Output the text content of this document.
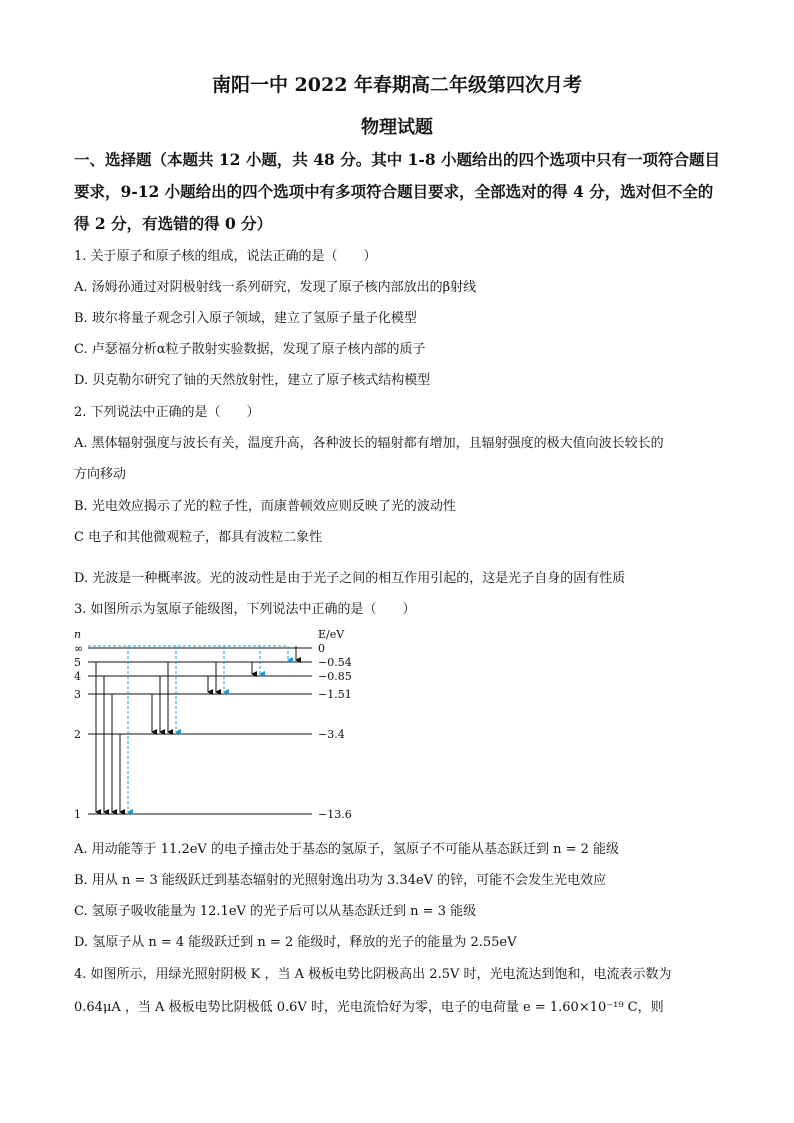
南阳一中 2022 年春期高二年级第四次月考
物理试题
一、选择题（本题共 12 小题，共 48 分。其中 1-8 小题给出的四个选项中只有一项符合题目要求，9-12 小题给出的四个选项中有多项符合题目要求，全部选对的得 4 分，选对但不全的得 2 分，有选错的得 0 分）
1. 关于原子和原子核的组成，说法正确的是（　　）
A. 汤姆孙通过对阴极射线一系列研究，发现了原子核内部放出的β射线
B. 玻尔将量子观念引入原子领域，建立了氢原子量子化模型
C. 卢瑟福分析α粒子散射实验数据，发现了原子核内部的质子
D. 贝克勒尔研究了铀的天然放射性，建立了原子核式结构模型
2. 下列说法中正确的是（　　）
A. 黑体辐射强度与波长有关，温度升高，各种波长的辐射都有增加，且辐射强度的极大值向波长较长的
方向移动
B. 光电效应揭示了光的粒子性，而康普顿效应则反映了光的波动性
C 电子和其他微观粒子，都具有波粒二象性
D. 光波是一种概率波。光的波动性是由于光子之间的相互作用引起的，这是光子自身的固有性质
3. 如图所示为氢原子能级图，下列说法中正确的是（　　）
n	E/eV
∞	0
5	−0.54
4	−0.85
3	−1.51
2	−3.4
1	−13.6
A. 用动能等于 11.2eV 的电子撞击处于基态的氢原子，氢原子不可能从基态跃迁到 n = 2 能级
B. 用从 n = 3 能级跃迁到基态辐射的光照射逸出功为 3.34eV 的锌，可能不会发生光电效应
C. 氢原子吸收能量为 12.1eV 的光子后可以从基态跃迁到 n = 3 能级
D. 氢原子从 n = 4 能级跃迁到 n = 2 能级时，释放的光子的能量为 2.55eV
4. 如图所示，用绿光照射阴极 K ，当 A 极板电势比阴极高出 2.5V 时，光电流达到饱和，电流表示数为
0.64μA ，当 A 极板电势比阴极低 0.6V 时，光电流恰好为零，电子的电荷量 e = 1.60×10⁻¹⁹ C，则
